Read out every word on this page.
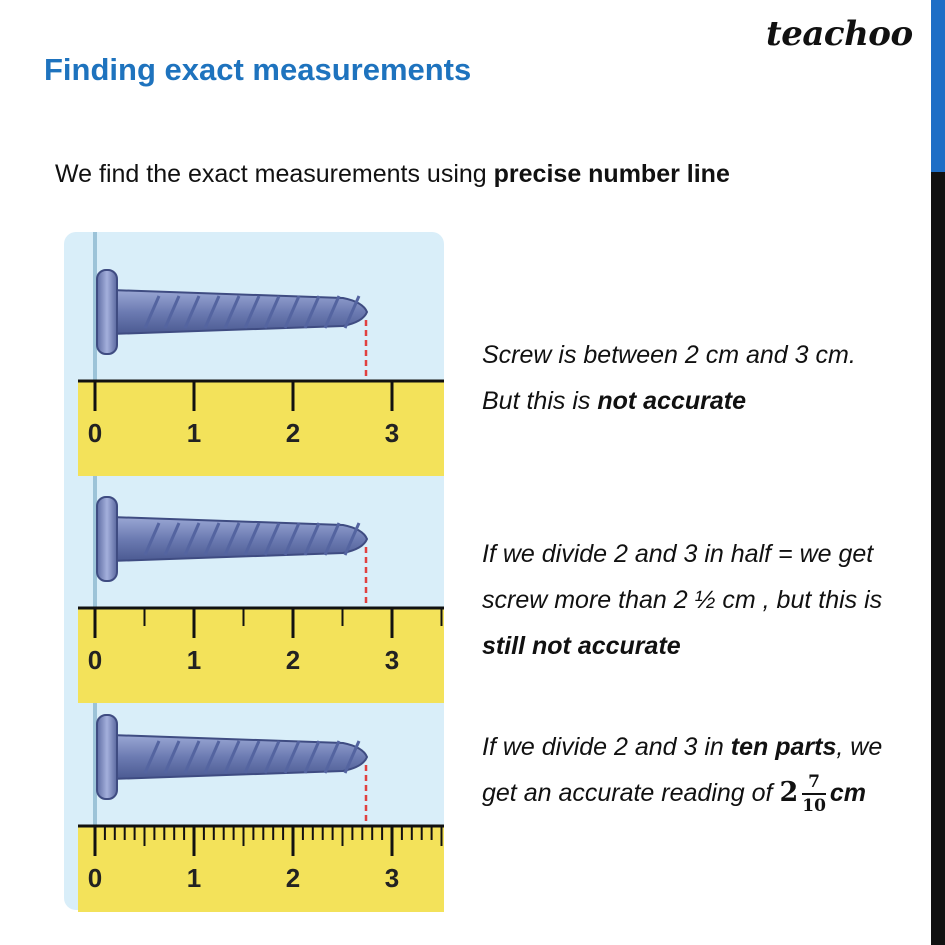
teachoo
Finding exact measurements
We find the exact measurements using precise number line
0	1	2	3
0	1	2	3
0	1	2	3
Screw is between 2 cm and 3 cm. But this is not accurate
If we divide 2 and 3 in half = we get screw more than 2 ½ cm , but this is still not accurate
If we divide 2 and 3 in ten parts, we get an accurate reading of $2 \frac{7}{10}$ cm
